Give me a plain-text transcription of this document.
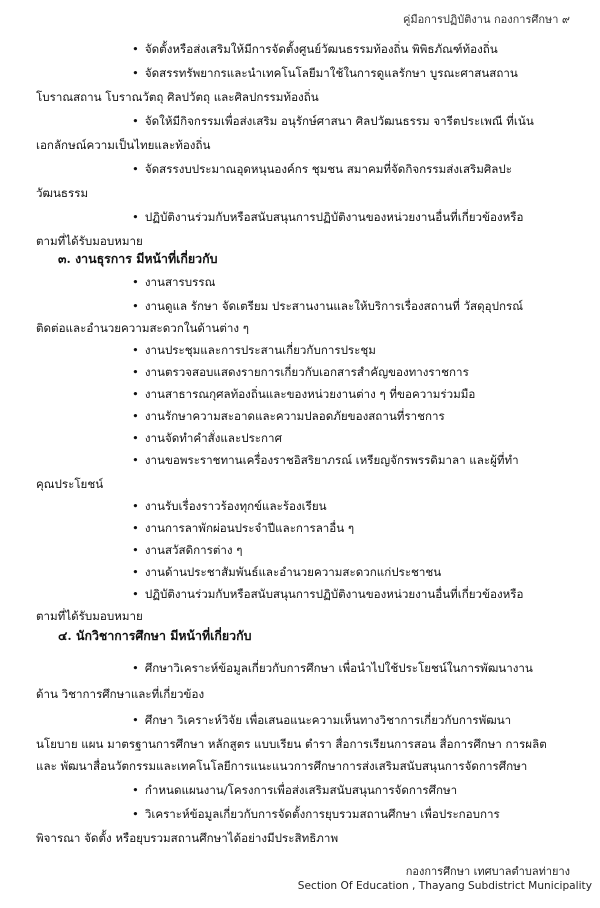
คู่มือการปฏิบัติงาน กองการศึกษา ๙
• จัดตั้งหรือส่งเสริมให้มีการจัดตั้งศูนย์วัฒนธรรมท้องถิ่น พิพิธภัณฑ์ท้องถิ่น
• จัดสรรทรัพยากรและนำเทคโนโลยีมาใช้ในการดูแลรักษา บูรณะศาสนสถาน
โบราณสถาน โบราณวัตถุ ศิลปวัตถุ และศิลปกรรมท้องถิ่น
• จัดให้มีกิจกรรมเพื่อส่งเสริม อนุรักษ์ศาสนา ศิลปวัฒนธรรม จารีตประเพณี ที่เน้น
เอกลักษณ์ความเป็นไทยและท้องถิ่น
• จัดสรรงบประมาณอุดหนุนองค์กร ชุมชน สมาคมที่จัดกิจกรรมส่งเสริมศิลปะ
วัฒนธรรม
• ปฏิบัติงานร่วมกับหรือสนับสนุนการปฏิบัติงานของหน่วยงานอื่นที่เกี่ยวข้องหรือ
ตามที่ได้รับมอบหมาย
๓. งานธุรการ มีหน้าที่เกี่ยวกับ
• งานสารบรรณ
• งานดูแล รักษา จัดเตรียม ประสานงานและให้บริการเรื่องสถานที่ วัสดุอุปกรณ์
ติดต่อและอำนวยความสะดวกในด้านต่าง ๆ
• งานประชุมและการประสานเกี่ยวกับการประชุม
• งานตรวจสอบแสดงรายการเกี่ยวกับเอกสารสำคัญของทางราชการ
• งานสาธารณกุศลท้องถิ่นและของหน่วยงานต่าง ๆ ที่ขอความร่วมมือ
• งานรักษาความสะอาดและความปลอดภัยของสถานที่ราชการ
• งานจัดทำคำสั่งและประกาศ
• งานขอพระราชทานเครื่องราชอิสริยาภรณ์ เหรียญจักรพรรดิมาลา และผู้ที่ทำ
คุณประโยชน์
• งานรับเรื่องราวร้องทุกข์และร้องเรียน
• งานการลาพักผ่อนประจำปีและการลาอื่น ๆ
• งานสวัสดิการต่าง ๆ
• งานด้านประชาสัมพันธ์และอำนวยความสะดวกแก่ประชาชน
• ปฏิบัติงานร่วมกับหรือสนับสนุนการปฏิบัติงานของหน่วยงานอื่นที่เกี่ยวข้องหรือ
ตามที่ได้รับมอบหมาย
๔. นักวิชาการศึกษา มีหน้าที่เกี่ยวกับ
• ศึกษาวิเคราะห์ข้อมูลเกี่ยวกับการศึกษา เพื่อนำไปใช้ประโยชน์ในการพัฒนางาน
ด้าน วิชาการศึกษาและที่เกี่ยวข้อง
• ศึกษา วิเคราะห์วิจัย เพื่อเสนอแนะความเห็นทางวิชาการเกี่ยวกับการพัฒนา
นโยบาย แผน มาตรฐานการศึกษา หลักสูตร แบบเรียน ตำรา สื่อการเรียนการสอน สื่อการศึกษา การผลิต
และ พัฒนาสื่อนวัตกรรมและเทคโนโลยีการแนะแนวการศึกษาการส่งเสริมสนับสนุนการจัดการศึกษา
• กำหนดแผนงาน/โครงการเพื่อส่งเสริมสนับสนุนการจัดการศึกษา
• วิเคราะห์ข้อมูลเกี่ยวกับการจัดตั้งการยุบรวมสถานศึกษา เพื่อประกอบการ
พิจารณา จัดตั้ง หรือยุบรวมสถานศึกษาได้อย่างมีประสิทธิภาพ
กองการศึกษา เทศบาลตำบลท่ายาง
Section Of Education , Thayang Subdistrict Municipality
